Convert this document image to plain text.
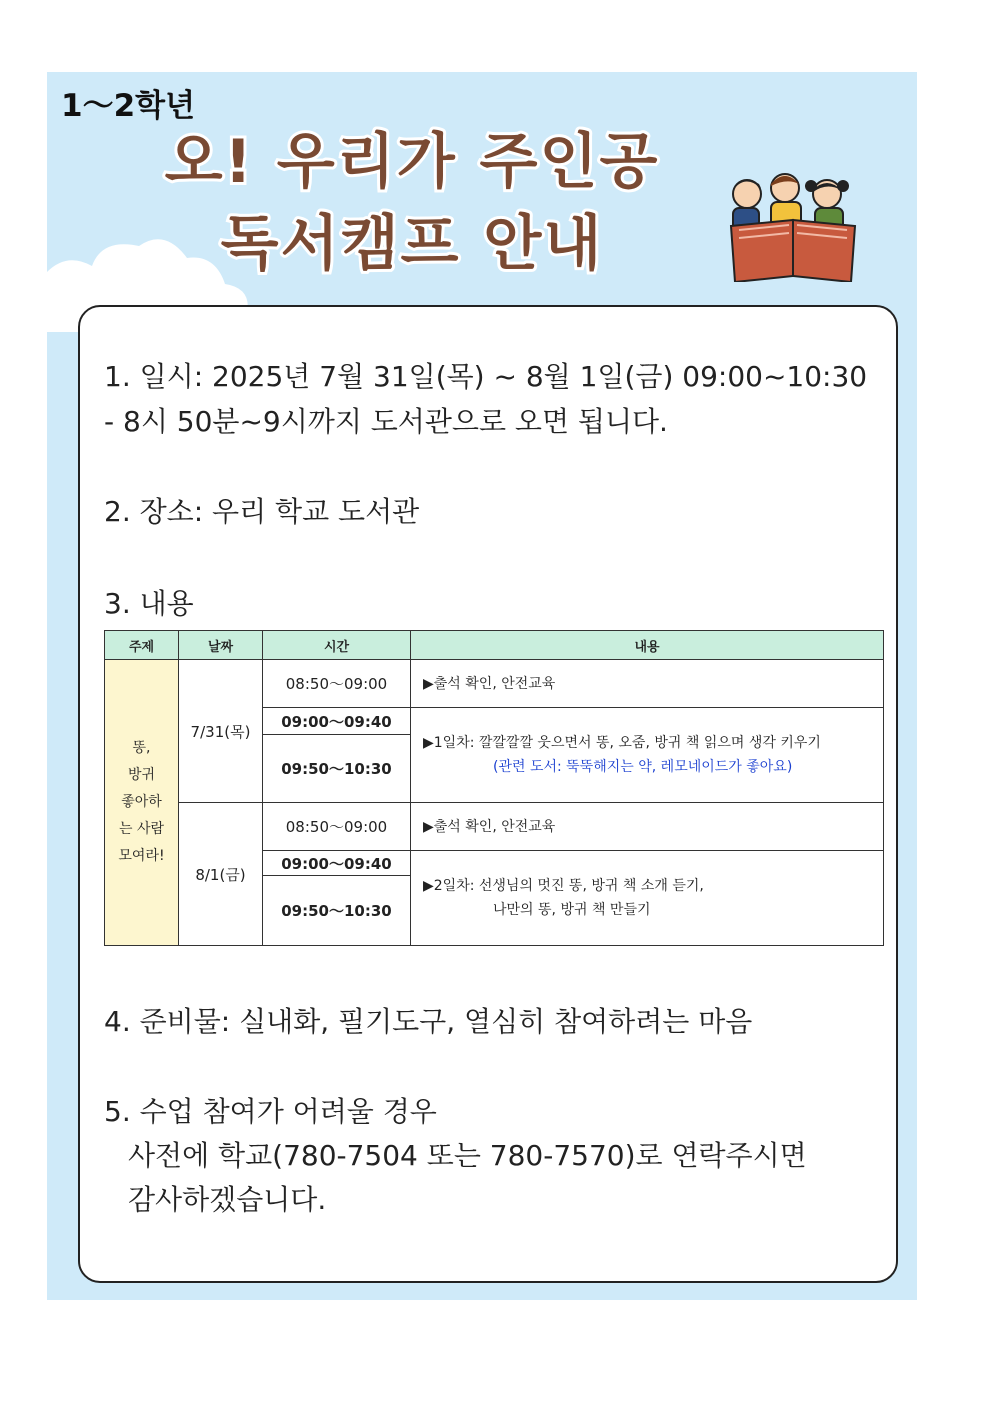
1～2학년
오! 우리가 주인공
독서캠프 안내
1. 일시: 2025년 7월 31일(목) ~ 8월 1일(금) 09:00~10:30
- 8시 50분~9시까지 도서관으로 오면 됩니다.
2. 장소: 우리 학교 도서관
3. 내용
주제	날짜	시간	내용

똥,
방귀
좋아하
는 사람
모여라!	7/31(목)	08:50～09:00	▶출석 확인, 안전교육
		09:00～09:40	▶1일차: 깔깔깔깔 웃으면서 똥, 오줌, 방귀 책 읽으며 생각 키우기
(관련 도서: 뚝뚝해지는 약, 레모네이드가 좋아요)

		09:50～10:30	
	8/1(금)	08:50～09:00	▶출석 확인, 안전교육
		09:00～09:40	▶2일차: 선생님의 멋진 똥, 방귀 책 소개 듣기,
나만의 똥, 방귀 책 만들기

		09:50～10:30	
4. 준비물: 실내화, 필기도구, 열심히 참여하려는 마음
5. 수업 참여가 어려울 경우
사전에 학교(780-7504 또는 780-7570)로 연락주시면
감사하겠습니다.
